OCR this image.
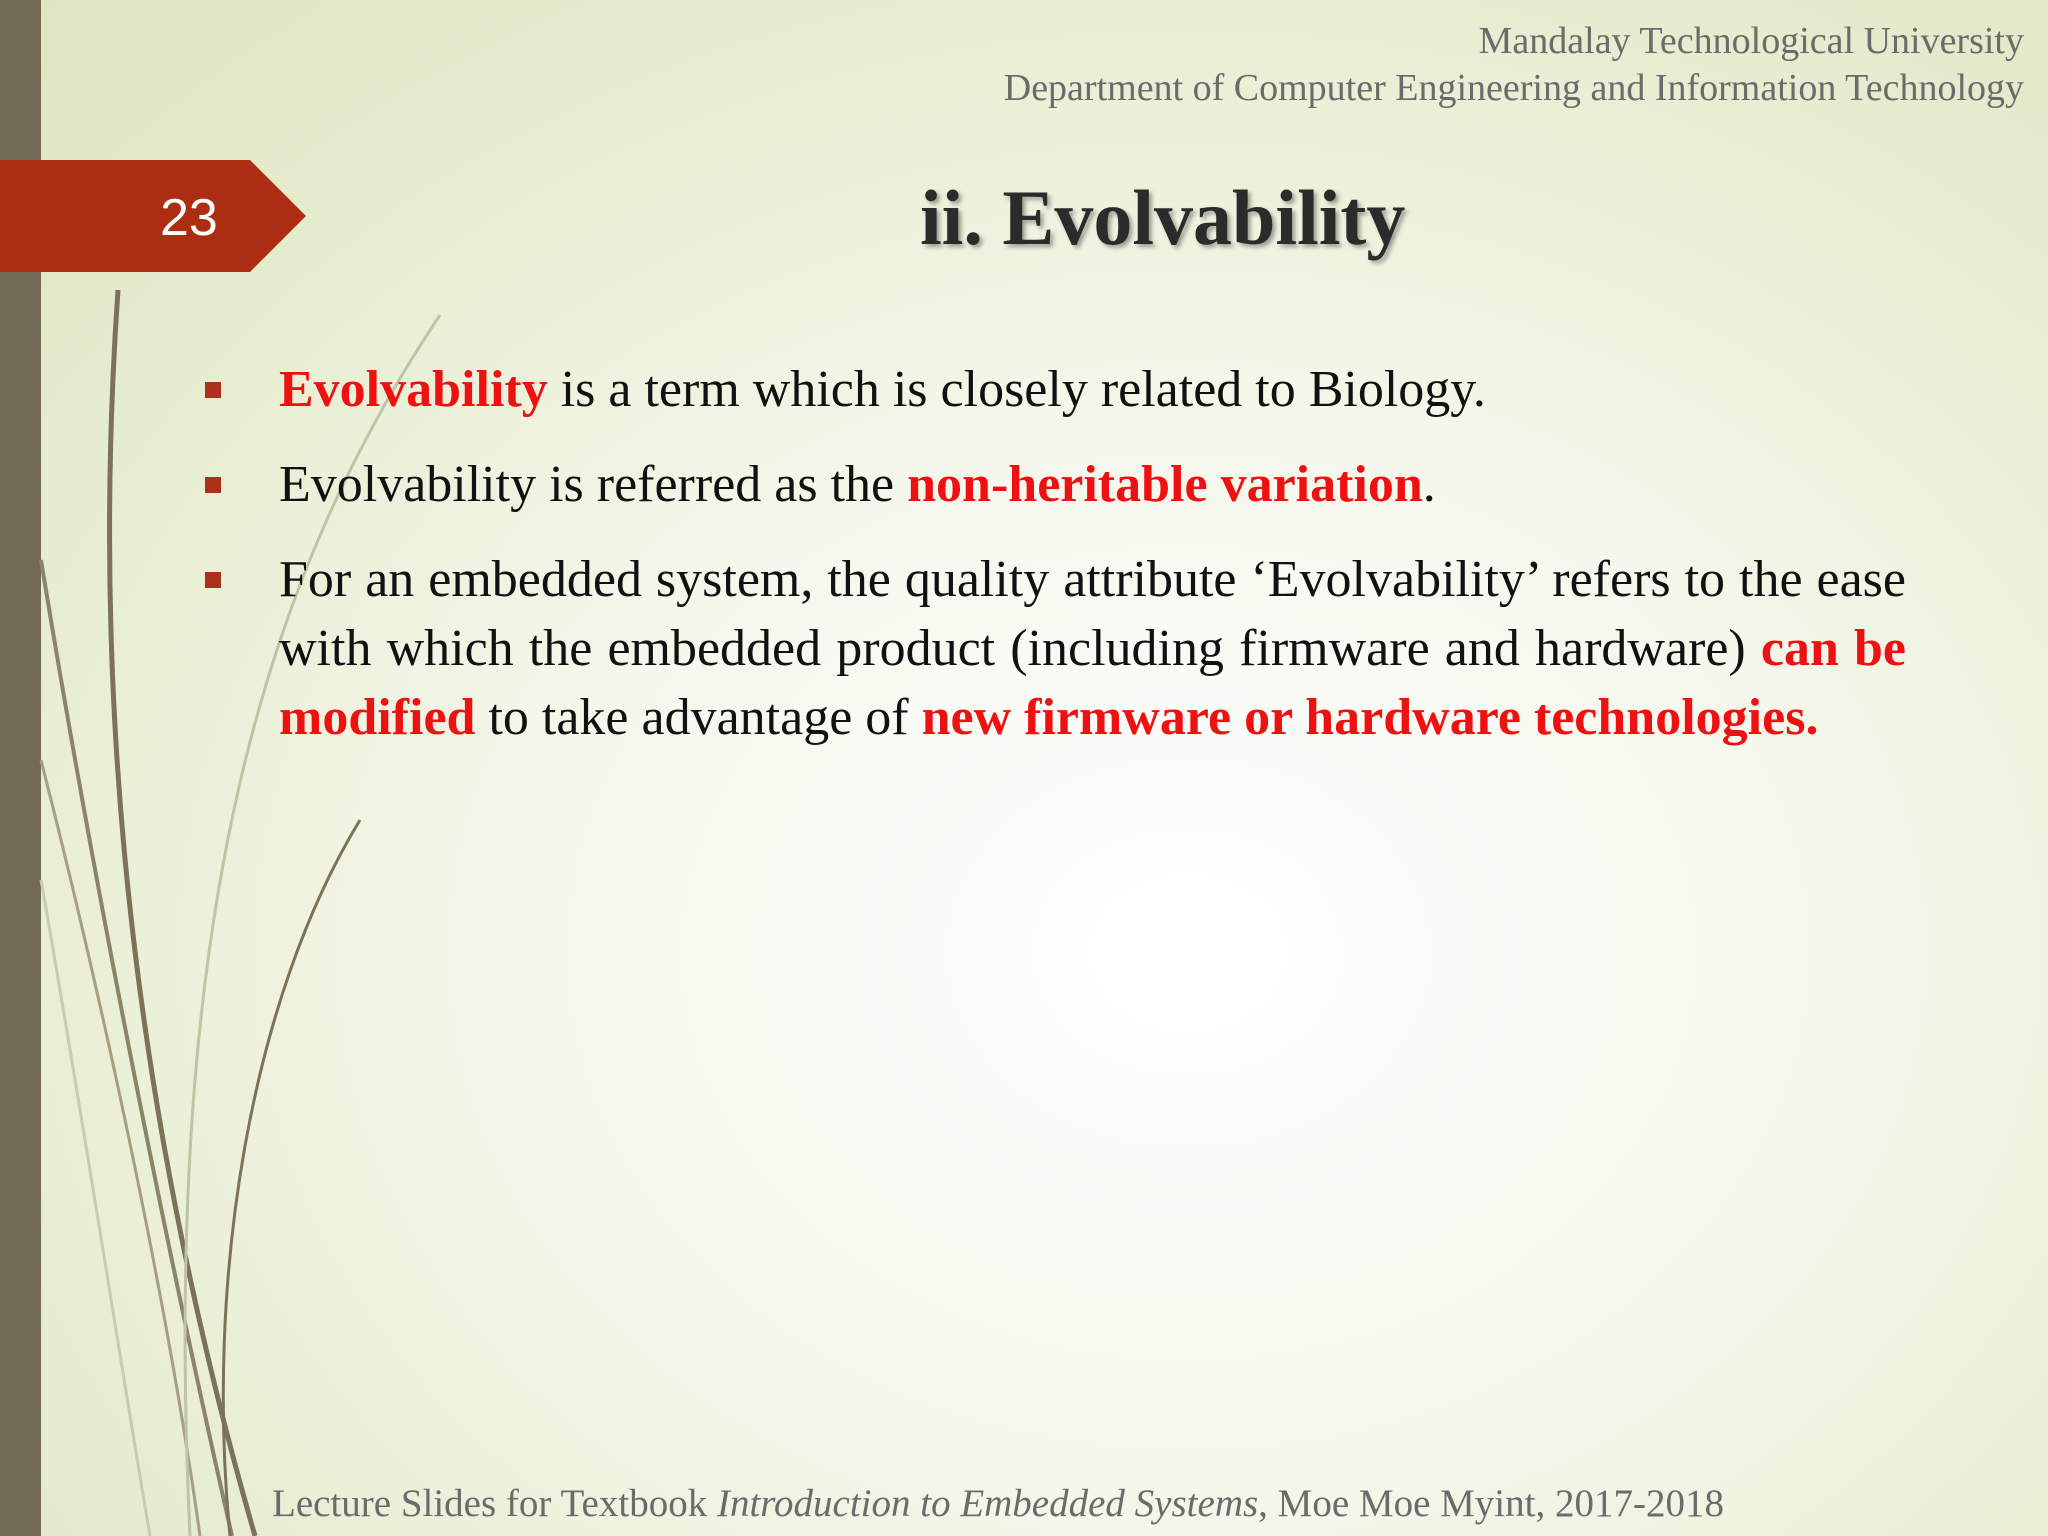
Mandalay Technological University
Department of Computer Engineering and Information Technology
23	ii. Evolvability
Evolvability is a term which is closely related to Biology.
Evolvability is referred as the non-heritable variation.
For an embedded system, the quality attribute ‘Evolvability’ refers to the ease with which the embedded product (including firmware and hardware) can be modified to take advantage of new firmware or hardware technologies.
Lecture Slides for Textbook Introduction to Embedded Systems, Moe Moe Myint, 2017-2018
